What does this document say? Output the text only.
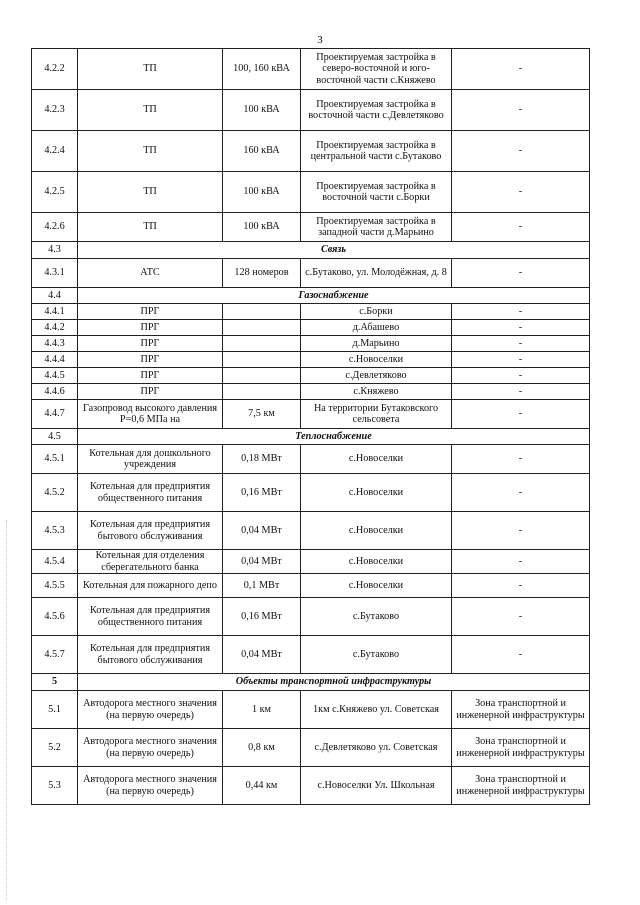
3
4.2.2	ТП	100, 160 кВА	Проектируемая застройка в северо-восточной и юго-восточной части с.Княжево	-
4.2.3	ТП	100 кВА	Проектируемая застройка в восточной части с.Девлетяково	-
4.2.4	ТП	160 кВА	Проектируемая застройка в центральной части с.Бутаково	-
4.2.5	ТП	100 кВА	Проектируемая застройка в восточной части с.Борки	-
4.2.6	ТП	100 кВА	Проектируемая застройка в западной части д.Марьино	-
4.3	Связь			
4.3.1	АТС	128 номеров	с.Бутаково, ул. Молодёжная, д. 8	-
4.4	Газоснабжение			
4.4.1	ПРГ		с.Борки	-
4.4.2	ПРГ		д.Абашево	-
4.4.3	ПРГ		д.Марьино	-
4.4.4	ПРГ		с.Новоселки	-
4.4.5	ПРГ		с.Девлетяково	-
4.4.6	ПРГ		с.Княжево	-
4.4.7	Газопровод высокого давления Р=0,6 МПа на	7,5 км	На территории Бутаковского сельсовета	-
4.5	Теплоснабжение			
4.5.1	Котельная для дошкольного учреждения	0,18 МВт	с.Новоселки	-
4.5.2	Котельная для предприятия общественного питания	0,16 МВт	с.Новоселки	-
4.5.3	Котельная для предприятия бытового обслуживания	0,04 МВт	с.Новоселки	-
4.5.4	Котельная для отделения сберегательного банка	0,04 МВт	с.Новоселки	-
4.5.5	Котельная для пожарного депо	0,1 МВт	с.Новоселки	-
4.5.6	Котельная для предприятия общественного питания	0,16 МВт	с.Бутаково	-
4.5.7	Котельная для предприятия бытового обслуживания	0,04 МВт	с.Бутаково	-
5	Объекты транспортной инфраструктуры			
5.1	Автодорога местного значения (на первую очередь)	1 км	1км с.Княжево ул. Советская	Зона транспортной и инженерной инфраструктуры
5.2	Автодорога местного значения (на первую очередь)	0,8 км	с.Девлетяково ул. Советская	Зона транспортной и инженерной инфраструктуры
5.3	Автодорога местного значения (на первую очередь)	0,44 км	с.Новоселки Ул. Школьная	Зона транспортной и инженерной инфраструктуры
